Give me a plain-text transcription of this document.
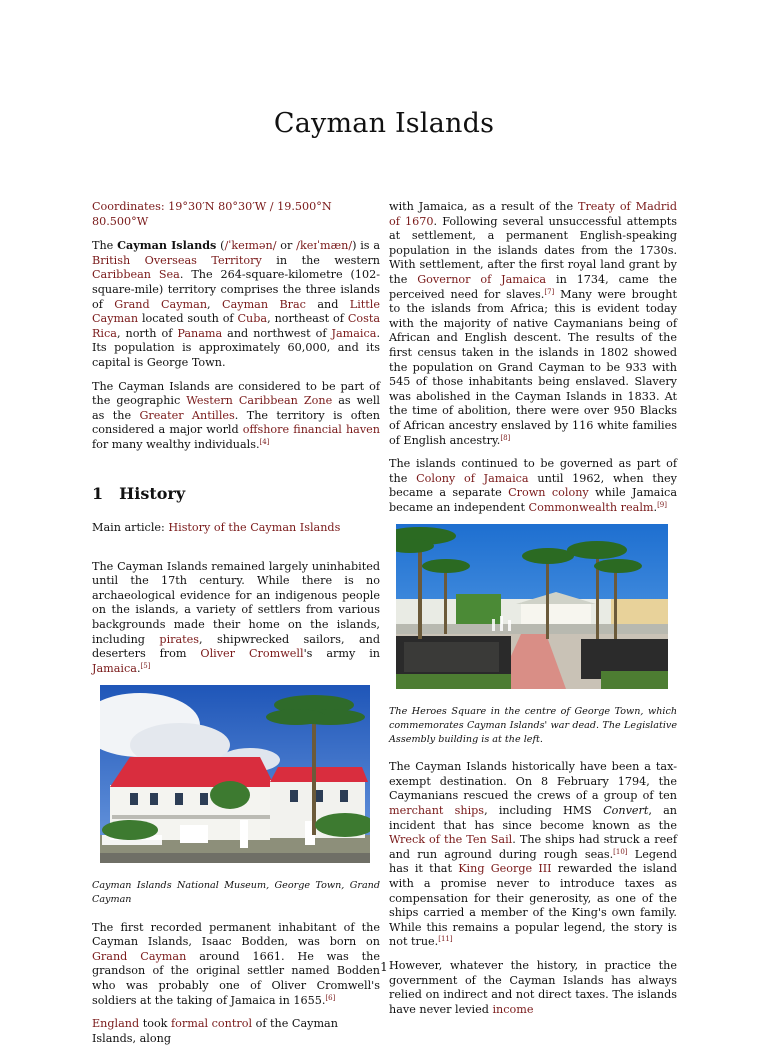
Cayman Islands
Coordinates: 19°30′N 80°30′W / 19.500°N 80.500°W

The Cayman Islands (/ˈkeɪmən/ or /keɪˈmæn/) is a British Overseas Territory in the western Caribbean Sea. The 264-square-kilometre (102-square-mile) territory comprises the three islands of Grand Cayman, Cayman Brac and Little Cayman located south of Cuba, northeast of Costa Rica, north of Panama and northwest of Jamaica. Its population is approximately 60,000, and its capital is George Town.

The Cayman Islands are considered to be part of the geographic Western Caribbean Zone as well as the Greater Antilles. The territory is often considered a major world offshore financial haven for many wealthy individuals.[4]

1 History

Main article: History of the Cayman Islands

The Cayman Islands remained largely uninhabited until the 17th century. While there is no archaeological evidence for an indigenous people on the islands, a variety of settlers from various backgrounds made their home on the islands, including pirates, shipwrecked sailors, and deserters from Oliver Cromwell's army in Jamaica.[5]

Cayman Islands National Museum, George Town, Grand Cayman

The first recorded permanent inhabitant of the Cayman Islands, Isaac Bodden, was born on Grand Cayman around 1661. He was the grandson of the original settler named Bodden who was probably one of Oliver Cromwell's soldiers at the taking of Jamaica in 1655.[6]

England took formal control of the Cayman Islands, along

with Jamaica, as a result of the Treaty of Madrid of 1670. Following several unsuccessful attempts at settlement, a permanent English-speaking population in the islands dates from the 1730s. With settlement, after the first royal land grant by the Governor of Jamaica in 1734, came the perceived need for slaves.[7] Many were brought to the islands from Africa; this is evident today with the majority of native Caymanians being of African and English descent. The results of the first census taken in the islands in 1802 showed the population on Grand Cayman to be 933 with 545 of those inhabitants being enslaved. Slavery was abolished in the Cayman Islands in 1833. At the time of abolition, there were over 950 Blacks of African ancestry enslaved by 116 white families of English ancestry.[8]

The islands continued to be governed as part of the Colony of Jamaica until 1962, when they became a separate Crown colony while Jamaica became an independent Commonwealth realm.[9]

The Heroes Square in the centre of George Town, which commemorates Cayman Islands' war dead. The Legislative Assembly building is at the left.

The Cayman Islands historically have been a tax-exempt destination. On 8 February 1794, the Caymanians rescued the crews of a group of ten merchant ships, including HMS Convert, an incident that has since become known as the Wreck of the Ten Sail. The ships had struck a reef and run aground during rough seas.[10] Legend has it that King George III rewarded the island with a promise never to introduce taxes as compensation for their generosity, as one of the ships carried a member of the King's own family. While this remains a popular legend, the story is not true.[11]

However, whatever the history, in practice the government of the Cayman Islands has always relied on indirect and not direct taxes. The islands have never levied income

1
